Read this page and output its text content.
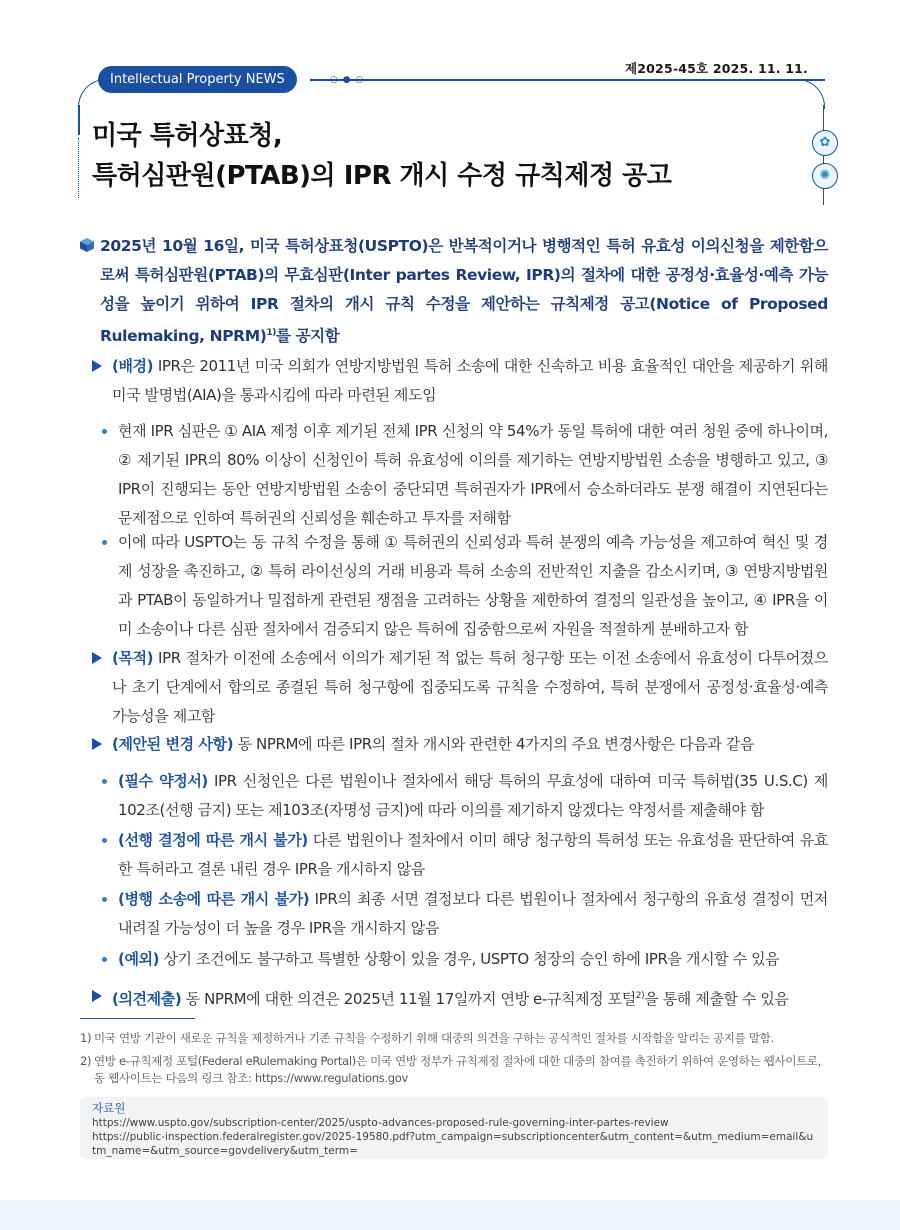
제2025-45호 2025. 11. 11.
○ ● ○
Intellectual Property NEWS
미국 특허상표청,
특허심판원(PTAB)의 IPR 개시 수정 규칙제정 공고
✿
✺
2025년 10월 16일, 미국 특허상표청(USPTO)은 반복적이거나 병행적인 특허 유효성 이의신청을 제한함으로써 특허심판원(PTAB)의 무효심판(Inter partes Review, IPR)의 절차에 대한 공정성·효율성·예측 가능성을 높이기 위하여 IPR 절차의 개시 규칙 수정을 제안하는 규칙제정 공고(Notice of Proposed Rulemaking, NPRM)$^{1)}$를 공지함
(배경) IPR은 2011년 미국 의회가 연방지방법원 특허 소송에 대한 신속하고 비용 효율적인 대안을 제공하기 위해 미국 발명법(AIA)을 통과시킴에 따라 마련된 제도임
현재 IPR 심판은 ① AIA 제정 이후 제기된 전체 IPR 신청의 약 54%가 동일 특허에 대한 여러 청원 중에 하나이며, ② 제기된 IPR의 80% 이상이 신청인이 특허 유효성에 이의를 제기하는 연방지방법원 소송을 병행하고 있고, ③ IPR이 진행되는 동안 연방지방법원 소송이 중단되면 특허권자가 IPR에서 승소하더라도 분쟁 해결이 지연된다는 문제점으로 인하여 특허권의 신뢰성을 훼손하고 투자를 저해함
이에 따라 USPTO는 동 규칙 수정을 통해 ① 특허권의 신뢰성과 특허 분쟁의 예측 가능성을 제고하여 혁신 및 경제 성장을 촉진하고, ② 특허 라이선싱의 거래 비용과 특허 소송의 전반적인 지출을 감소시키며, ③ 연방지방법원과 PTAB이 동일하거나 밀접하게 관련된 쟁점을 고려하는 상황을 제한하여 결정의 일관성을 높이고, ④ IPR을 이미 소송이나 다른 심판 절차에서 검증되지 않은 특허에 집중함으로써 자원을 적절하게 분배하고자 함
(목적) IPR 절차가 이전에 소송에서 이의가 제기된 적 없는 특허 청구항 또는 이전 소송에서 유효성이 다투어졌으나 초기 단계에서 합의로 종결된 특허 청구항에 집중되도록 규칙을 수정하여, 특허 분쟁에서 공정성·효율성·예측 가능성을 제고함
(제안된 변경 사항) 동 NPRM에 따른 IPR의 절차 개시와 관련한 4가지의 주요 변경사항은 다음과 같음
(필수 약정서) IPR 신청인은 다른 법원이나 절차에서 해당 특허의 무효성에 대하여 미국 특허법(35 U.S.C) 제102조(선행 금지) 또는 제103조(자명성 금지)에 따라 이의를 제기하지 않겠다는 약정서를 제출해야 함
(선행 결정에 따른 개시 불가) 다른 법원이나 절차에서 이미 해당 청구항의 특허성 또는 유효성을 판단하여 유효한 특허라고 결론 내린 경우 IPR을 개시하지 않음
(병행 소송에 따른 개시 불가) IPR의 최종 서면 결정보다 다른 법원이나 절차에서 청구항의 유효성 결정이 먼저 내려질 가능성이 더 높을 경우 IPR을 개시하지 않음
(예외) 상기 조건에도 불구하고 특별한 상황이 있을 경우, USPTO 청장의 승인 하에 IPR을 개시할 수 있음
(의견제출) 동 NPRM에 대한 의견은 2025년 11월 17일까지 연방 e-규칙제정 포털$^{2)}$을 통해 제출할 수 있음
1) 미국 연방 기관이 새로운 규칙을 제정하거나 기존 규칙을 수정하기 위해 대중의 의견을 구하는 공식적인 절차를 시작함을 알리는 공지를 말함.
2) 연방 e-규칙제정 포털(Federal eRulemaking Portal)은 미국 연방 정부가 규칙제정 절차에 대한 대중의 참여를 촉진하기 위하여 운영하는 웹사이트로, 동 웹사이트는 다음의 링크 참조: https://www.regulations.gov
자료원
https://www.uspto.gov/subscription-center/2025/uspto-advances-proposed-rule-governing-inter-partes-review
https://public-inspection.federalregister.gov/2025-19580.pdf?utm_campaign=subscriptioncenter&utm_content=&utm_medium=email&utm_name=&utm_source=govdelivery&utm_term=
